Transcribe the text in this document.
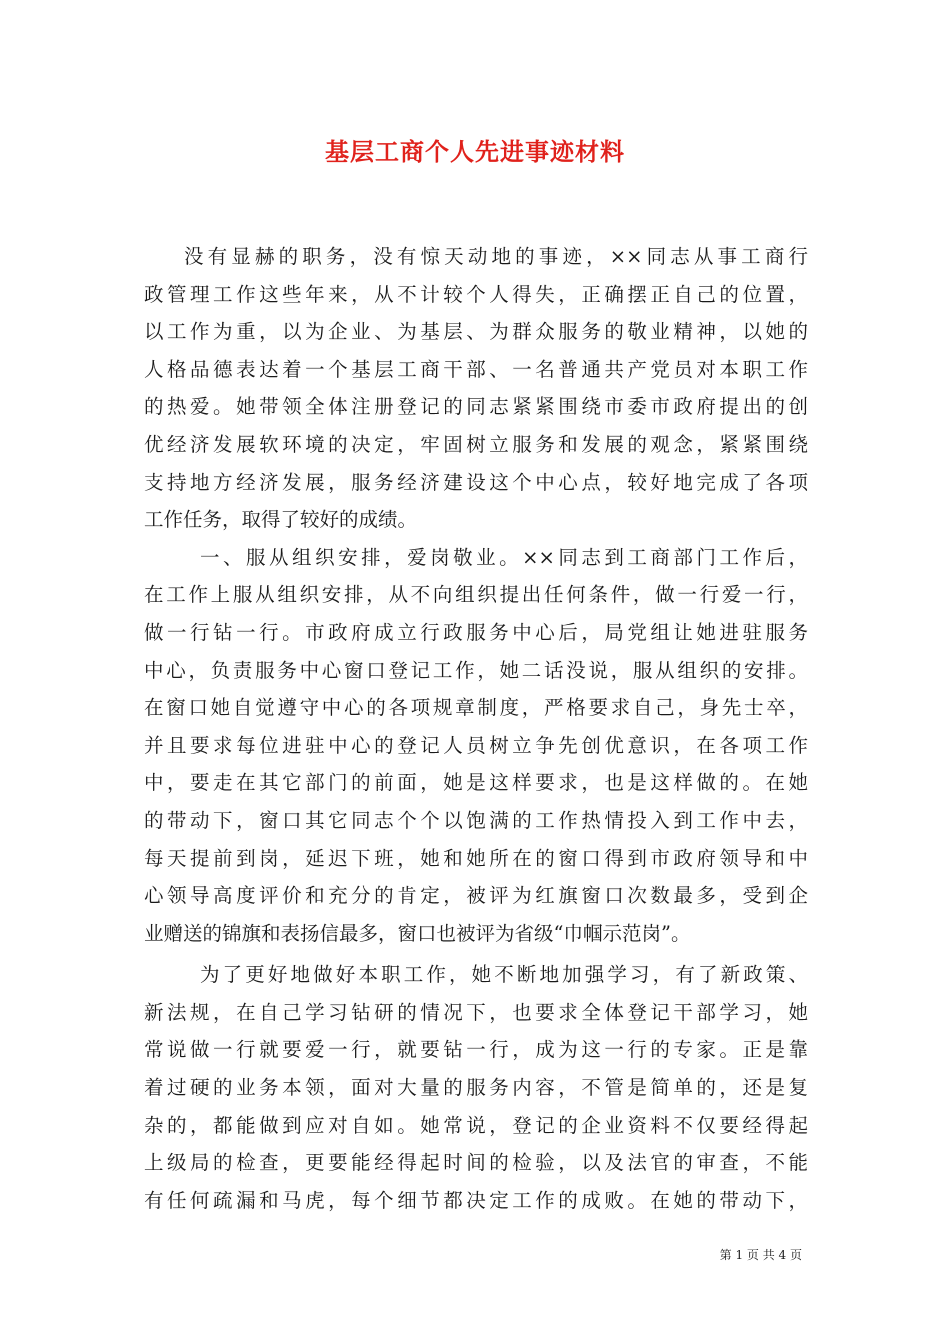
基层工商个人先进事迹材料
没有显赫的职务，没有惊天动地的事迹，××同志从事工商行
政管理工作这些年来，从不计较个人得失，正确摆正自己的位置，
以工作为重，以为企业、为基层、为群众服务的敬业精神，以她的
人格品德表达着一个基层工商干部、一名普通共产党员对本职工作
的热爱。她带领全体注册登记的同志紧紧围绕市委市政府提出的创
优经济发展软环境的决定，牢固树立服务和发展的观念，紧紧围绕
支持地方经济发展，服务经济建设这个中心点，较好地完成了各项
工作任务，取得了较好的成绩。
一、服从组织安排，爱岗敬业。××同志到工商部门工作后，
在工作上服从组织安排，从不向组织提出任何条件，做一行爱一行，
做一行钻一行。市政府成立行政服务中心后，局党组让她进驻服务
中心，负责服务中心窗口登记工作，她二话没说，服从组织的安排。
在窗口她自觉遵守中心的各项规章制度，严格要求自己，身先士卒，
并且要求每位进驻中心的登记人员树立争先创优意识，在各项工作
中，要走在其它部门的前面，她是这样要求，也是这样做的。在她
的带动下，窗口其它同志个个以饱满的工作热情投入到工作中去，
每天提前到岗，延迟下班，她和她所在的窗口得到市政府领导和中
心领导高度评价和充分的肯定，被评为红旗窗口次数最多，受到企
业赠送的锦旗和表扬信最多，窗口也被评为省级“巾帼示范岗”。
为了更好地做好本职工作，她不断地加强学习，有了新政策、
新法规，在自己学习钻研的情况下，也要求全体登记干部学习，她
常说做一行就要爱一行，就要钻一行，成为这一行的专家。正是靠
着过硬的业务本领，面对大量的服务内容，不管是简单的，还是复
杂的，都能做到应对自如。她常说，登记的企业资料不仅要经得起
上级局的检查，更要能经得起时间的检验，以及法官的审查，不能
有任何疏漏和马虎，每个细节都决定工作的成败。在她的带动下，
第 1 页 共 4 页
